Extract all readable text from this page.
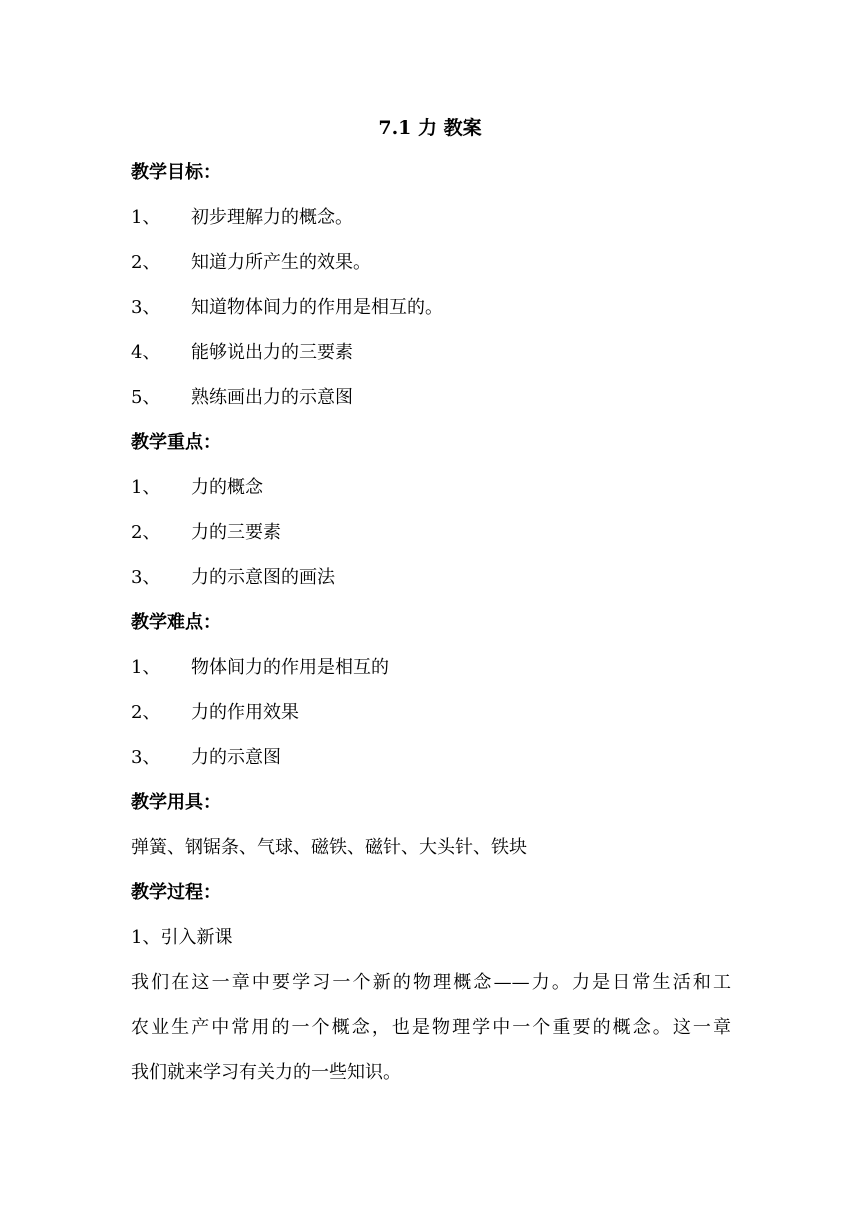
7.1 力 教案
教学目标：
1、 初步理解力的概念。
2、 知道力所产生的效果。
3、 知道物体间力的作用是相互的。
4、 能够说出力的三要素
5、 熟练画出力的示意图
教学重点：
1、 力的概念
2、 力的三要素
3、 力的示意图的画法
教学难点：
1、 物体间力的作用是相互的
2、 力的作用效果
3、 力的示意图
教学用具：
弹簧、钢锯条、气球、磁铁、磁针、大头针、铁块
教学过程：
1、引入新课
我们在这一章中要学习一个新的物理概念——力。力是日常生活和工
农业生产中常用的一个概念，也是物理学中一个重要的概念。这一章
我们就来学习有关力的一些知识。
